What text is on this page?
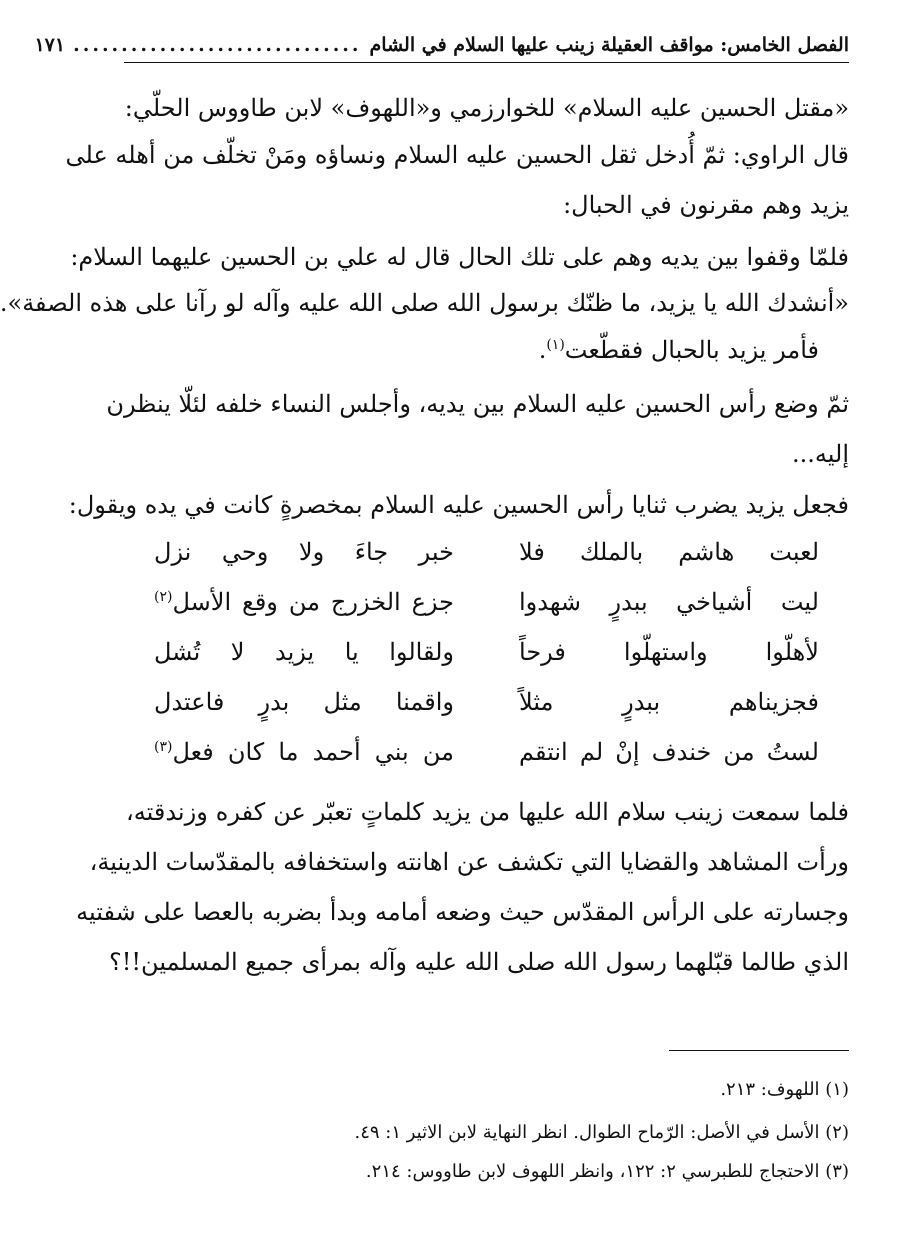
الفصل الخامس: مواقف العقيلة زينب عليها السلام في الشام
..............................
١٧١
«مقتل الحسين عليه السلام» للخوارزمي و«اللهوف» لابن طاووس الحلّي:
قال الراوي: ثمّ أُدخل ثقل الحسين عليه السلام ونساؤه ومَنْ تخلّف من أهله على
يزيد وهم مقرنون في الحبال:
فلمّا وقفوا بين يديه وهم على تلك الحال قال له علي بن الحسين عليهما السلام:
«أنشدك الله يا يزيد، ما ظنّك برسول الله صلى الله عليه وآله لو رآنا على هذه الصفة».
فأمر يزيد بالحبال فقطّعت$^{(١)}$.
ثمّ وضع رأس الحسين عليه السلام بين يديه، وأجلس النساء خلفه لئلّا ينظرن
إليه...
فجعل يزيد يضرب ثنايا رأس الحسين عليه السلام بمخصرةٍ كانت في يده ويقول:
لعبت هاشم بالملك فلا
خبر جاءَ ولا وحي نزل
ليت أشياخي ببدرٍ شهدوا
جزع الخزرج من وقع الأسل$^{(٢)}$
لأهلّوا واستهلّوا فرحاً
ولقالوا يا يزيد لا تُشل
فجزيناهم ببدرٍ مثلاً
واقمنا مثل بدرٍ فاعتدل
لستُ من خندف إنْ لم انتقم
من بني أحمد ما كان فعل$^{(٣)}$
فلما سمعت زينب سلام الله عليها من يزيد كلماتٍ تعبّر عن كفره وزندقته،
ورأت المشاهد والقضايا التي تكشف عن اهانته واستخفافه بالمقدّسات الدينية،
وجسارته على الرأس المقدّس حيث وضعه أمامه وبدأ بضربه بالعصا على شفتيه
الذي طالما قبّلهما رسول الله صلى الله عليه وآله بمرأى جميع المسلمين!!؟
(١) اللهوف: ٢١٣.
(٢) الأسل في الأصل: الرّماح الطوال. انظر النهاية لابن الاثير ١: ٤٩.
(٣) الاحتجاج للطبرسي ٢: ١٢٢، وانظر اللهوف لابن طاووس: ٢١٤.
